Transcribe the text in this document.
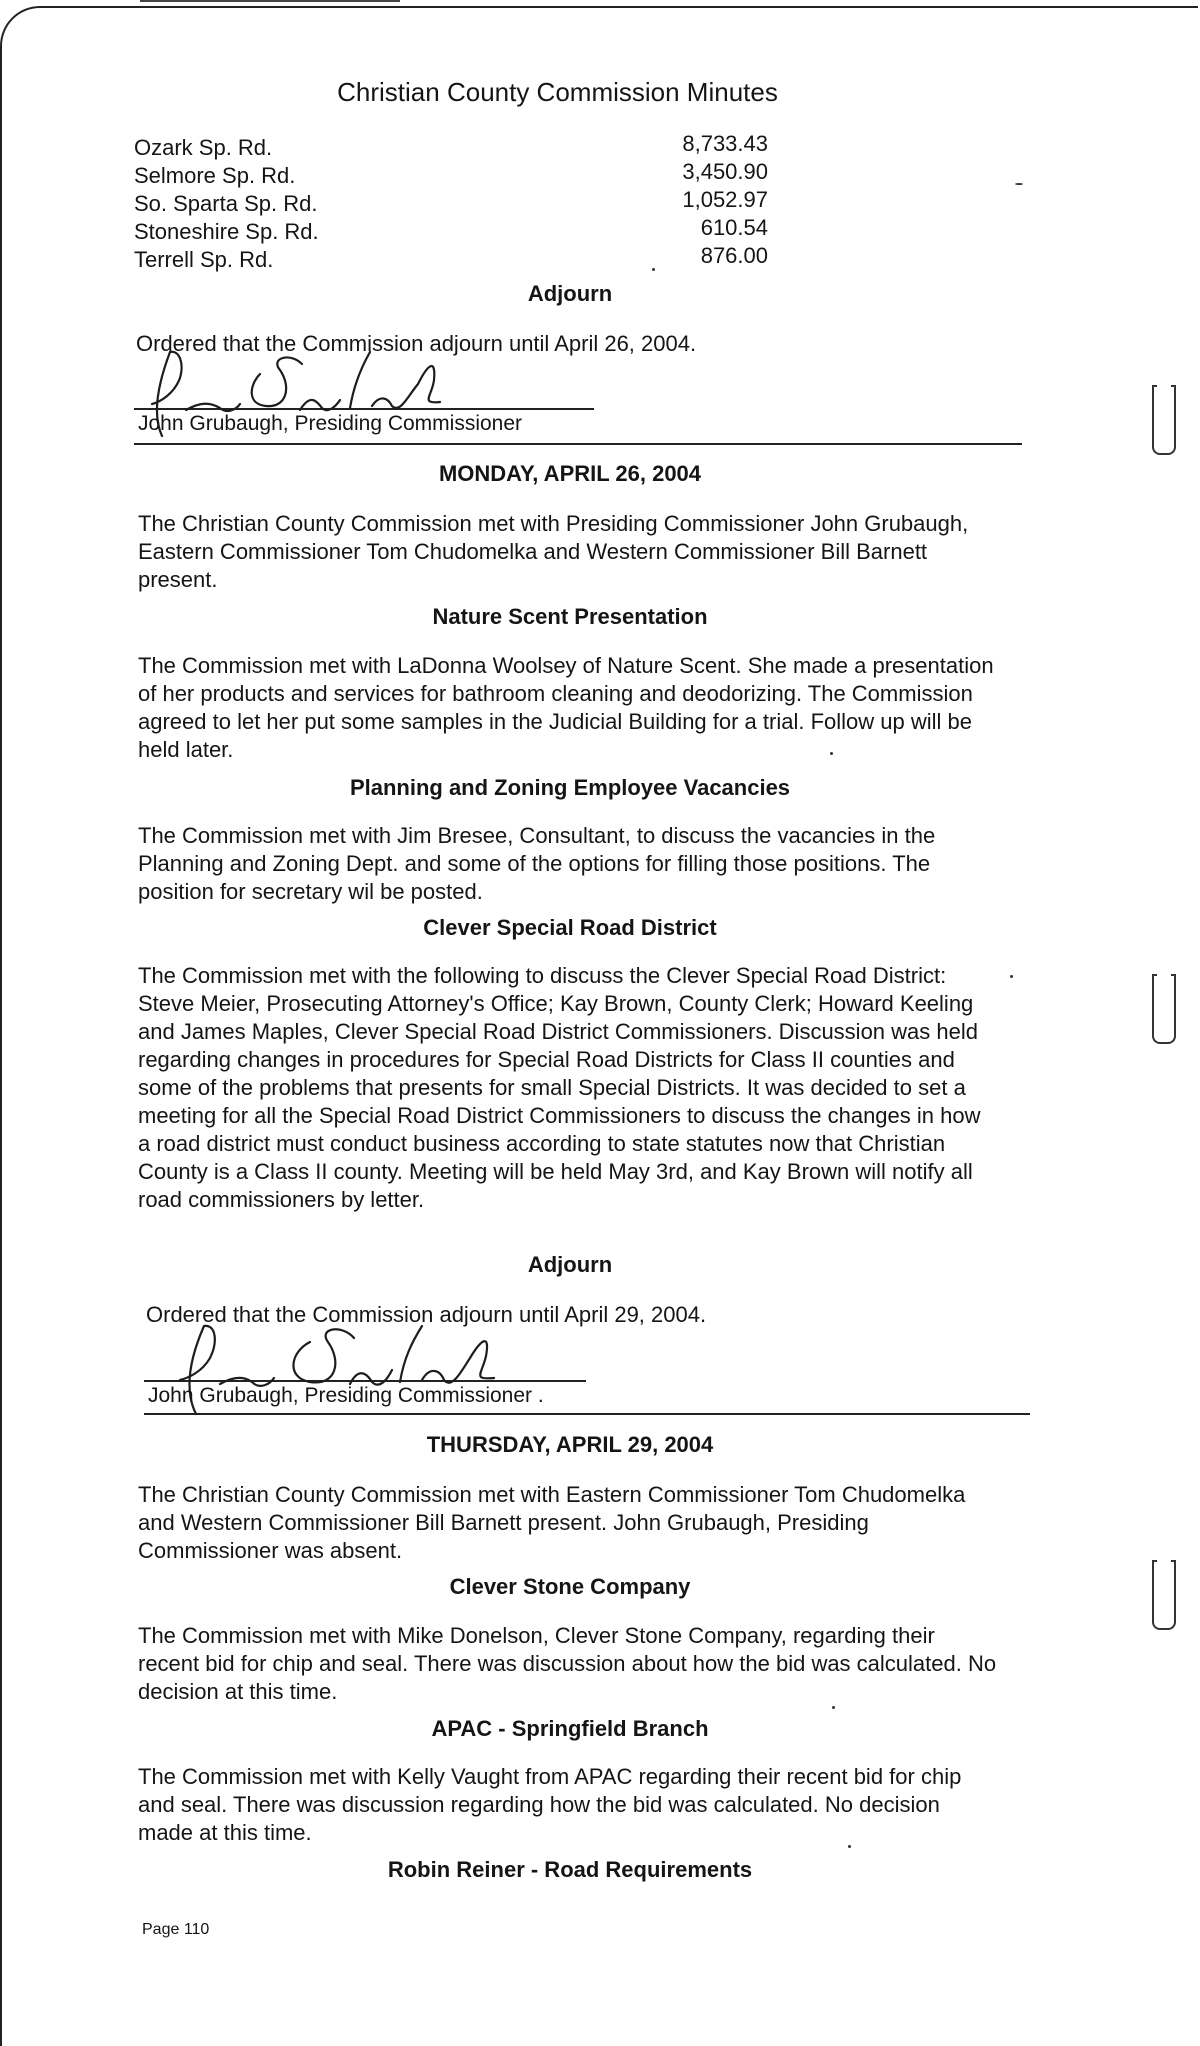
Christian County Commission Minutes
Ozark Sp. Rd.	8,733.43
Selmore Sp. Rd.	3,450.90
So. Sparta Sp. Rd.	1,052.97
Stoneshire Sp. Rd.	610.54
Terrell Sp. Rd.	876.00
Adjourn
Ordered that the Commission adjourn until April 26, 2004.
John Grubaugh, Presiding Commissioner
MONDAY, APRIL 26, 2004
The Christian County Commission met with Presiding Commissioner John Grubaugh, Eastern Commissioner Tom Chudomelka and Western Commissioner Bill Barnett present.
Nature Scent Presentation
The Commission met with LaDonna Woolsey of Nature Scent. She made a presentation of her products and services for bathroom cleaning and deodorizing. The Commission agreed to let her put some samples in the Judicial Building for a trial. Follow up will be held later.
Planning and Zoning Employee Vacancies
The Commission met with Jim Bresee, Consultant, to discuss the vacancies in the Planning and Zoning Dept. and some of the options for filling those positions. The position for secretary wil be posted.
Clever Special Road District
The Commission met with the following to discuss the Clever Special Road District: Steve Meier, Prosecuting Attorney's Office; Kay Brown, County Clerk; Howard Keeling and James Maples, Clever Special Road District Commissioners. Discussion was held regarding changes in procedures for Special Road Districts for Class II counties and some of the problems that presents for small Special Districts. It was decided to set a meeting for all the Special Road District Commissioners to discuss the changes in how a road district must conduct business according to state statutes now that Christian County is a Class II county. Meeting will be held May 3rd, and Kay Brown will notify all road commissioners by letter.
Adjourn
Ordered that the Commission adjourn until April 29, 2004.
John Grubaugh, Presiding Commissioner .
THURSDAY, APRIL 29, 2004
The Christian County Commission met with Eastern Commissioner Tom Chudomelka and Western Commissioner Bill Barnett present. John Grubaugh, Presiding Commissioner was absent.
Clever Stone Company
The Commission met with Mike Donelson, Clever Stone Company, regarding their recent bid for chip and seal. There was discussion about how the bid was calculated. No decision at this time.
APAC - Springfield Branch
The Commission met with Kelly Vaught from APAC regarding their recent bid for chip and seal. There was discussion regarding how the bid was calculated. No decision made at this time.
Robin Reiner - Road Requirements
Page 110
